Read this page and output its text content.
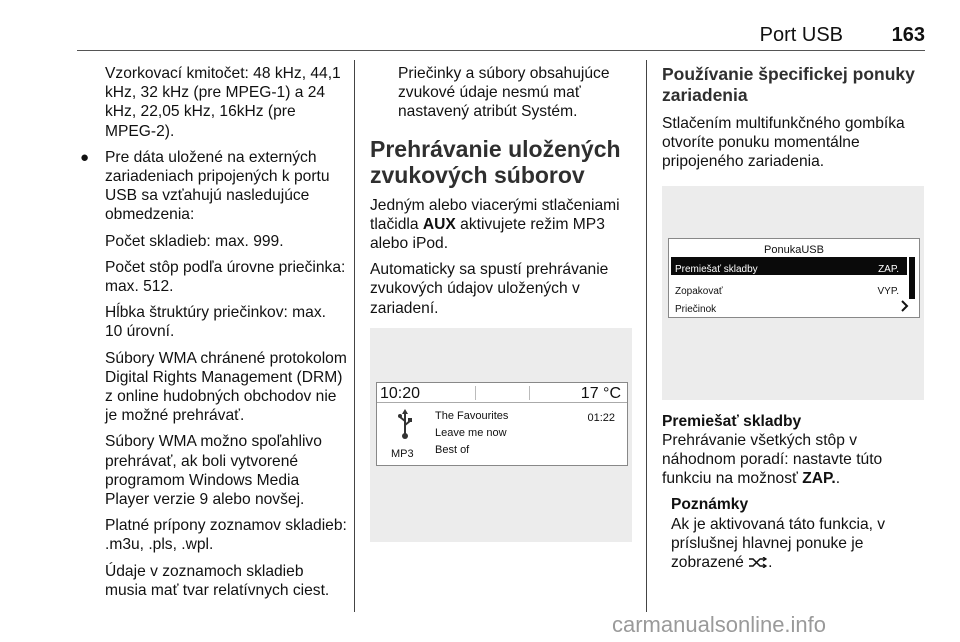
Port USB 163

Vzorkovací kmitočet: 48 kHz, 44,1 kHz, 32 kHz (pre MPEG-1) a 24 kHz, 22,05 kHz, 16kHz (pre MPEG-2).

● Pre dáta uložené na externých zariadeniach pripojených k portu USB sa vzťahujú nasledujúce obmedzenia:

Počet skladieb: max. 999.

Počet stôp podľa úrovne priečinka: max. 512.

Hĺbka štruktúry priečinkov: max. 10 úrovní.

Súbory WMA chránené protokolom Digital Rights Management (DRM) z online hudobných obchodov nie je možné prehrávať.

Súbory WMA možno spoľahlivo prehrávať, ak boli vytvorené programom Windows Media Player verzie 9 alebo novšej.

Platné prípony zoznamov skladieb: .m3u, .pls, .wpl.

Údaje v zoznamoch skladieb musia mať tvar relatívnych ciest.

Priečinky a súbory obsahujúce zvukové údaje nesmú mať nastavený atribút Systém.

Prehrávanie uložených zvukových súborov

Jedným alebo viacerými stlačeniami tlačidla AUX aktivujete režim MP3 alebo iPod.

Automaticky sa spustí prehrávanie zvukových údajov uložených v zariadení.

10:20	17 °C
MP3
The Favourites
Leave me now
Best of
01:22
Používanie špecifickej ponuky zariadenia

Stlačením multifunkčného gombíka otvoríte ponuku momentálne pripojeného zariadenia.

PonukaUSB
Premiešať skladby	ZAP.
Zopakovať	VYP.
Priečinok
Premiešať skladby

Prehrávanie všetkých stôp v náhodnom poradí: nastavte túto funkciu na možnosť ZAP..

Poznámky

Ak je aktivovaná táto funkcia, v príslušnej hlavnej ponuke je zobrazené .

carmanualsonline.info
